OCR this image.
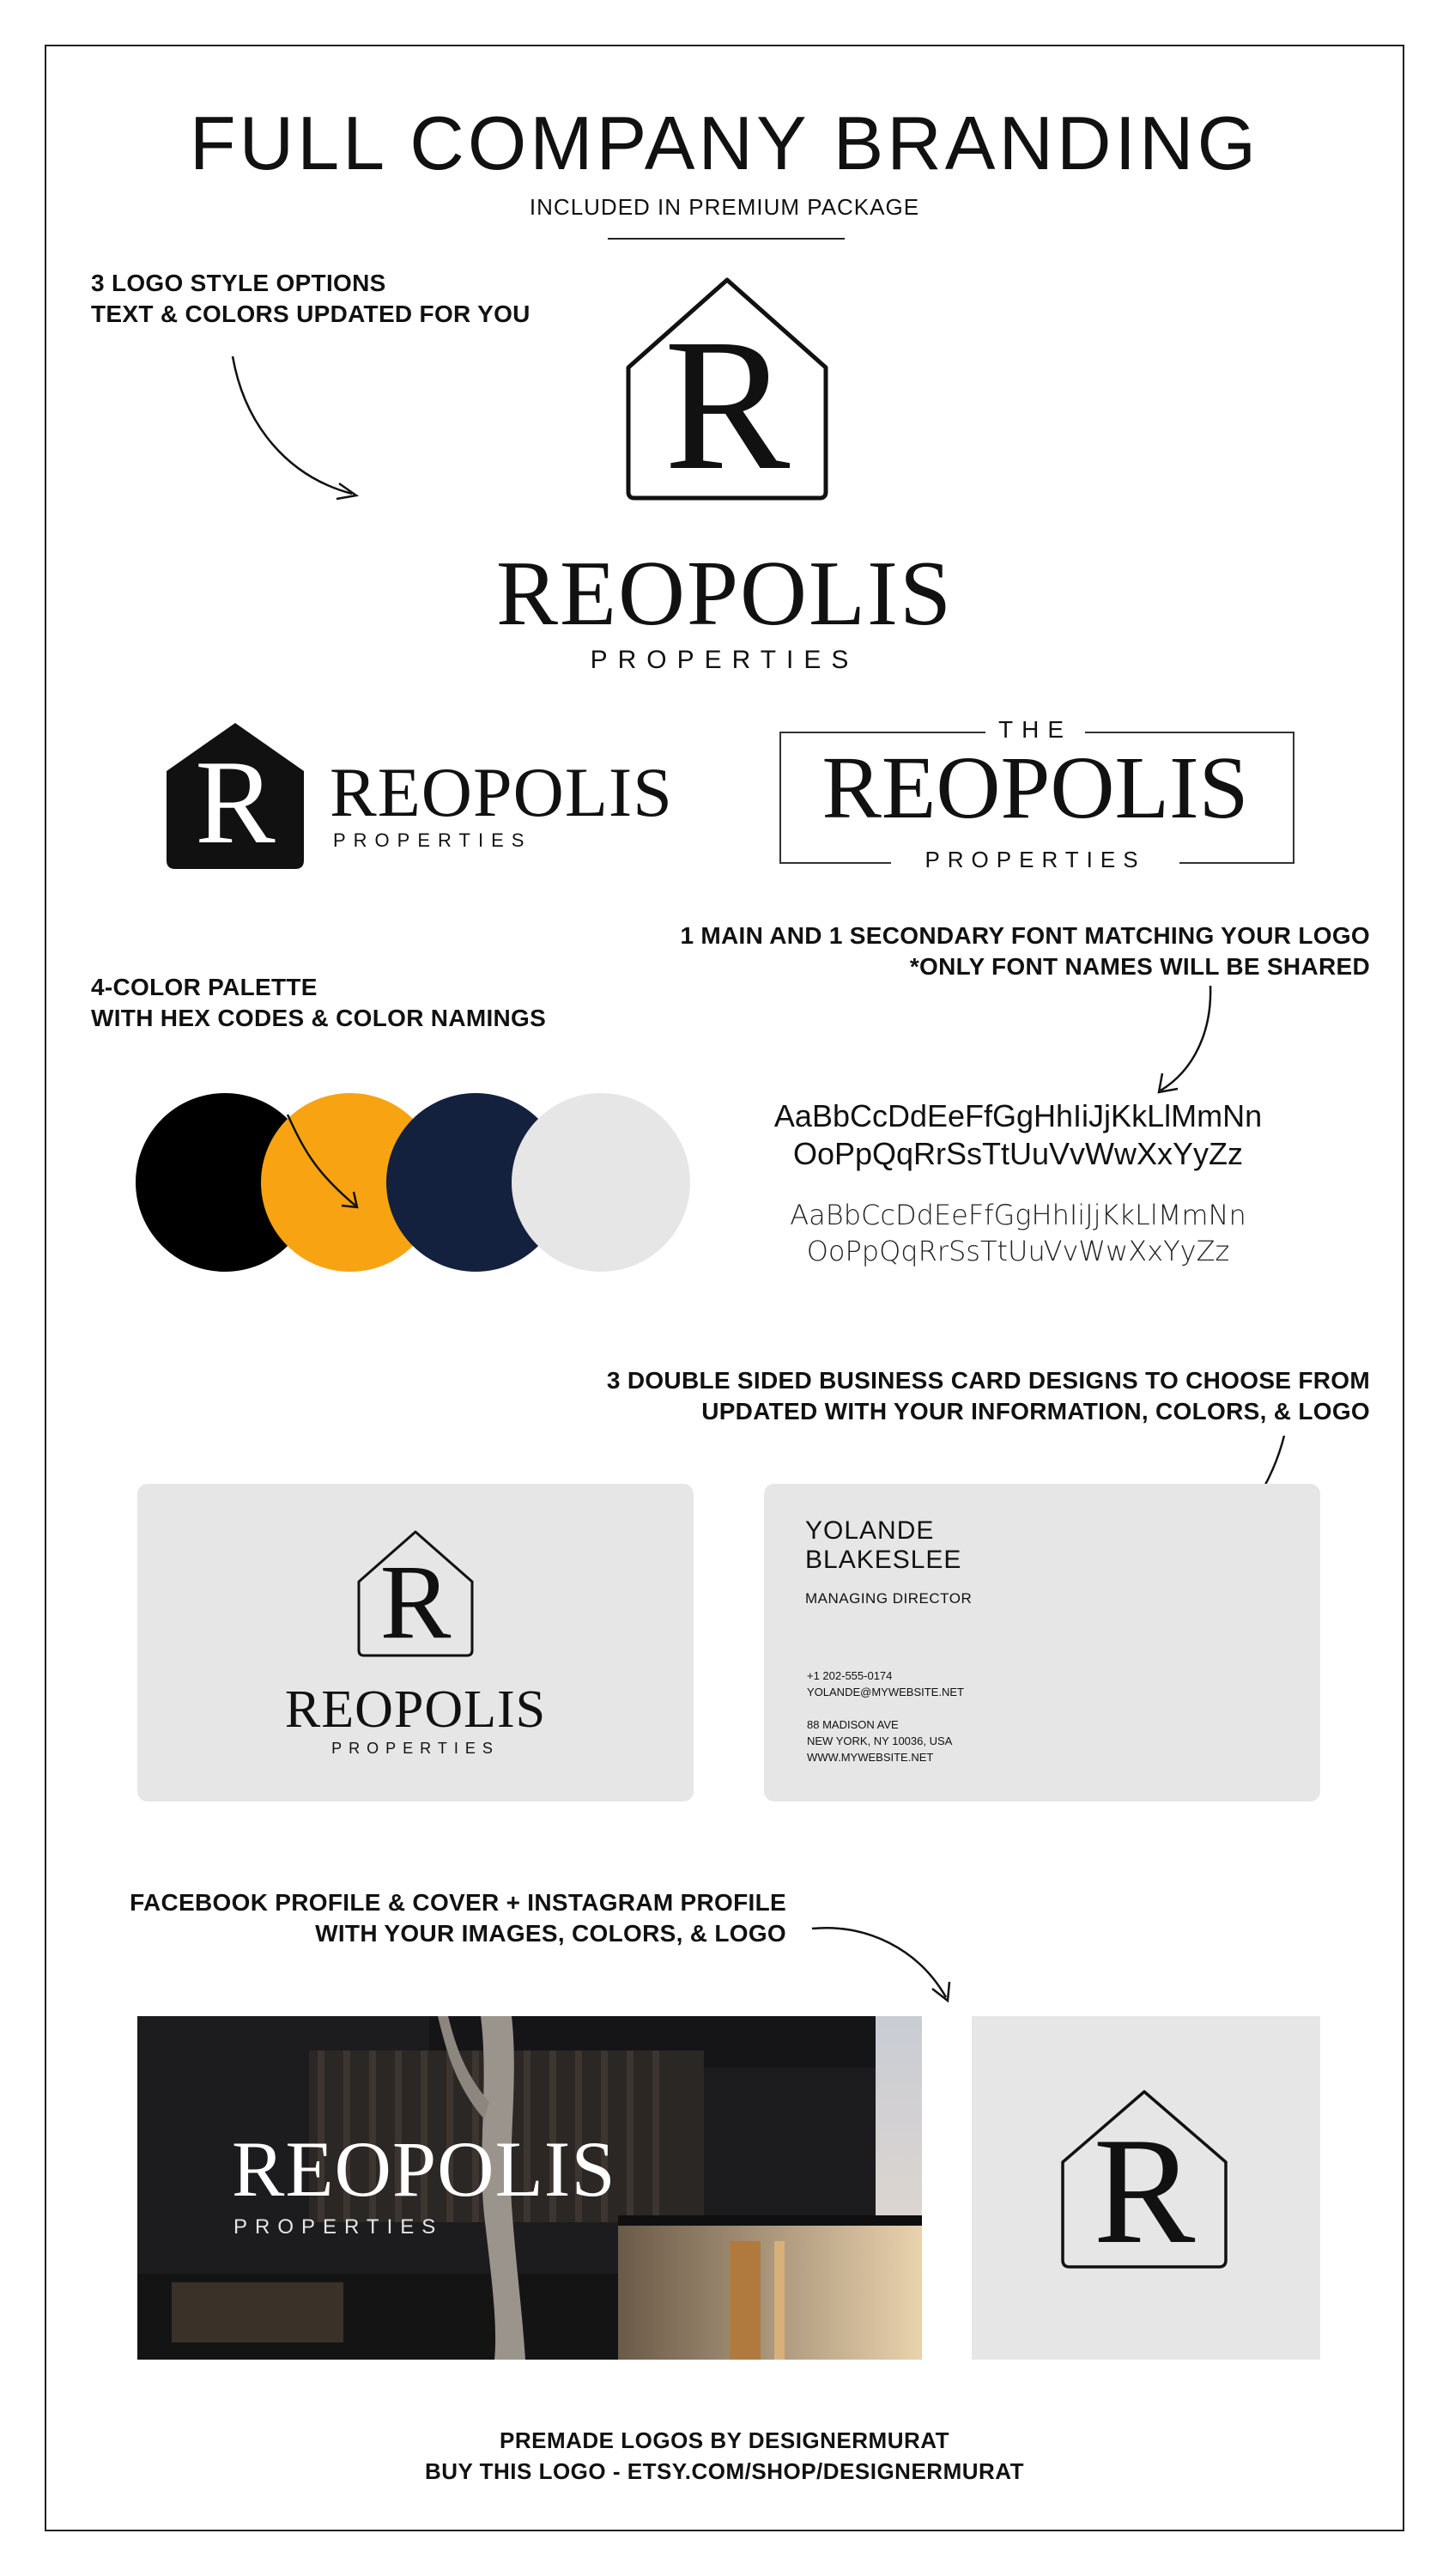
FULL COMPANY BRANDING
INCLUDED IN PREMIUM PACKAGE
3 LOGO STYLE OPTIONS
TEXT & COLORS UPDATED FOR YOU R
REOPOLIS
PROPERTIES
R REOPOLIS
PROPERTIES
THE
REOPOLIS
PROPERTIES
1 MAIN AND 1 SECONDARY FONT MATCHING YOUR LOGO
*ONLY FONT NAMES WILL BE SHARED
4-COLOR PALETTE
WITH HEX CODES & COLOR NAMINGS
AaBbCcDdEeFfGgHhIiJjKkLlMmNn
OoPpQqRrSsTtUuVvWwXxYyZz
AaBbCcDdEeFfGgHhIiJjKkLlMmNn
OoPpQqRrSsTtUuVvWwXxYyZz
3 DOUBLE SIDED BUSINESS CARD DESIGNS TO CHOOSE FROM
UPDATED WITH YOUR INFORMATION, COLORS, & LOGO
R
REOPOLIS
PROPERTIES
YOLANDE
BLAKESLEE
MANAGING DIRECTOR
+1 202-555-0174
YOLANDE@MYWEBSITE.NET
88 MADISON AVE
NEW YORK, NY 10036, USA
WWW.MYWEBSITE.NET
FACEBOOK PROFILE & COVER + INSTAGRAM PROFILE
WITH YOUR IMAGES, COLORS, & LOGO
REOPOLIS
PROPERTIES	R
PREMADE LOGOS BY DESIGNERMURAT
BUY THIS LOGO - ETSY.COM/SHOP/DESIGNERMURAT
